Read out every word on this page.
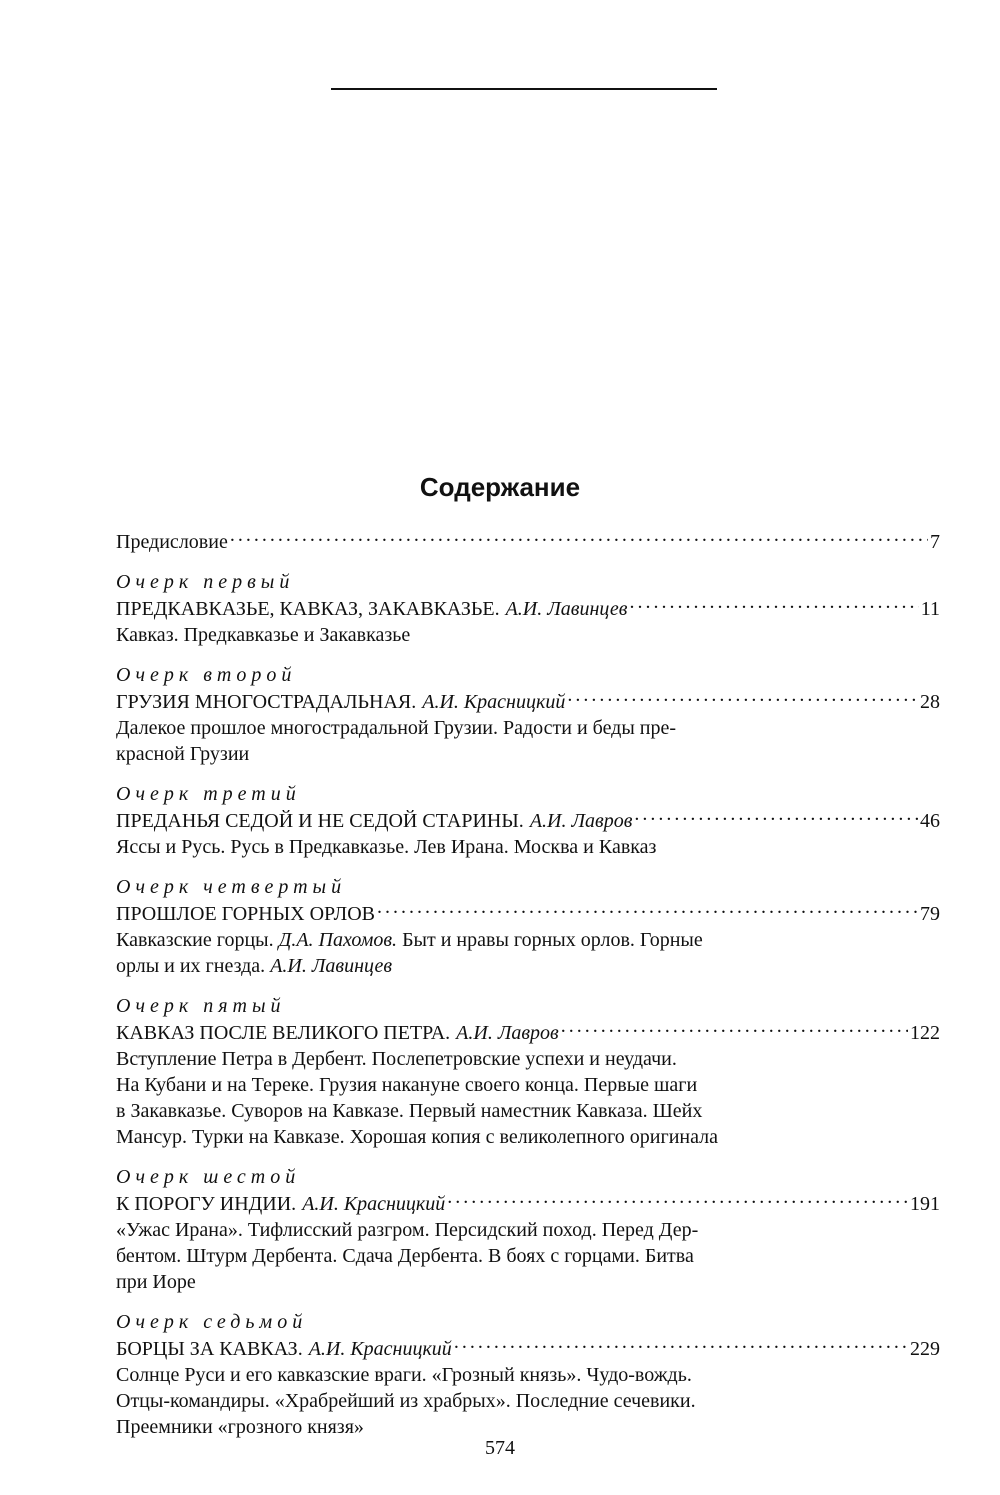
Содержание
Предисловие . . .	7
Очерк первый
ПРЕДКАВКАЗЬЕ, КАВКАЗ, ЗАКАВКАЗЬЕ. А.И. Лавинцев . . .	11
Кавказ. Предкавказье и Закавказье
Очерк второй
ГРУЗИЯ МНОГОСТРАДАЛЬНАЯ. А.И. Красницкий . . .	28
Далекое прошлое многострадальной Грузии. Радости и беды пре-
красной Грузии
Очерк третий
ПРЕДАНЬЯ СЕДОЙ И НЕ СЕДОЙ СТАРИНЫ. А.И. Лавров . . .	46
Яссы и Русь. Русь в Предкавказье. Лев Ирана. Москва и Кавказ
Очерк четвертый
ПРОШЛОЕ ГОРНЫХ ОРЛОВ . . .	79
Кавказские горцы. Д.А. Пахомов. Быт и нравы горных орлов. Горные
орлы и их гнезда. А.И. Лавинцев
Очерк пятый
КАВКАЗ ПОСЛЕ ВЕЛИКОГО ПЕТРА. А.И. Лавров . . .	122
Вступление Петра в Дербент. Послепетровские успехи и неудачи.
На Кубани и на Тереке. Грузия накануне своего конца. Первые шаги
в Закавказье. Суворов на Кавказе. Первый наместник Кавказа. Шейх
Мансур. Турки на Кавказе. Хорошая копия с великолепного оригинала
Очерк шестой
К ПОРОГУ ИНДИИ. А.И. Красницкий . . .	191
«Ужас Ирана». Тифлисский разгром. Персидский поход. Перед Дер-
бентом. Штурм Дербента. Сдача Дербента. В боях с горцами. Битва
при Иоре
Очерк седьмой
БОРЦЫ ЗА КАВКАЗ. А.И. Красницкий . . .	229
Солнце Руси и его кавказские враги. «Грозный князь». Чудо-вождь.
Отцы-командиры. «Храбрейший из храбрых». Последние сечевики.
Преемники «грозного князя»
574
